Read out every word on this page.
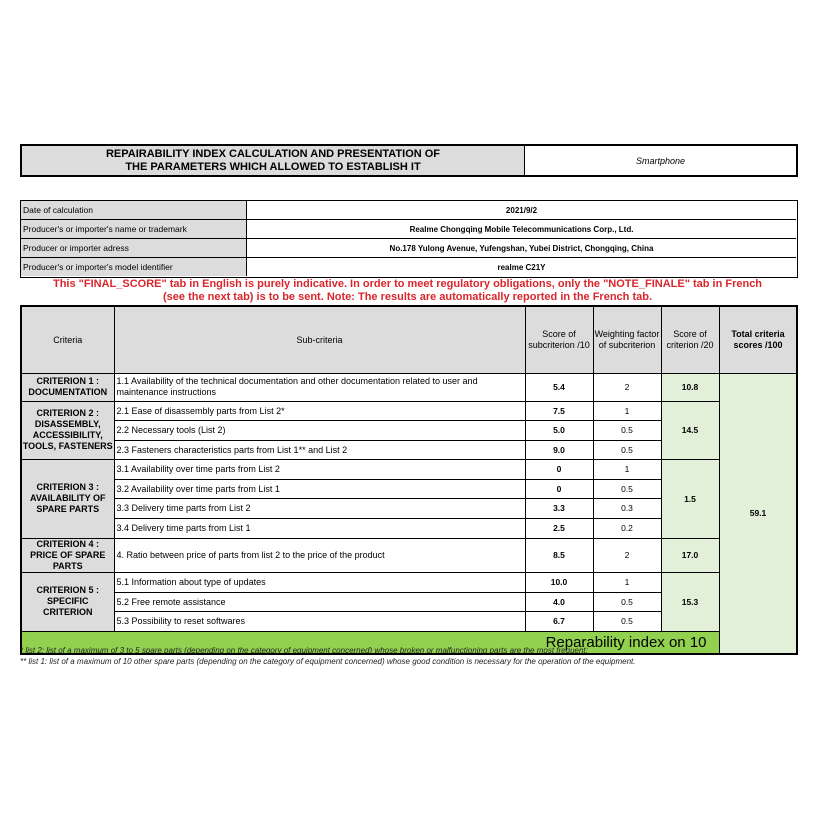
REPAIRABILITY INDEX CALCULATION AND PRESENTATION OF
THE PARAMETERS WHICH ALLOWED TO ESTABLISH IT	Smartphone
Date of calculation	2021/9/2
Producer's or importer's name or trademark	Realme Chongqing Mobile Telecommunications Corp., Ltd.
Producer or importer adress	No.178 Yulong Avenue, Yufengshan, Yubei District, Chongqing, China
Producer's or importer's model identifier	realme C21Y
This "FINAL_SCORE" tab in English is purely indicative. In order to meet regulatory obligations, only the "NOTE_FINALE" tab in French
(see the next tab) is to be sent. Note: The results are automatically reported in the French tab.
Criteria	Sub-criteria	Score of subcriterion /10	Weighting factor of subcriterion	Score of criterion /20	Total criteria scores /100	
CRITERION 1 : DOCUMENTATION	1.1 Availability of the technical documentation and other documentation related to user and maintenance instructions	5.4	2	10.8	59.1	
CRITERION 2 : DISASSEMBLY, ACCESSIBILITY, TOOLS, FASTENERS	2.1 Ease of disassembly parts from List 2*	7.5	1	14.5		
	2.2 Necessary tools (List 2)	5.0	0.5			
	2.3 Fasteners characteristics parts from List 1** and List 2	9.0	0.5			
CRITERION 3 : AVAILABILITY OF SPARE PARTS	3.1 Availability over time parts from List 2	0	1	1.5		
	3.2 Availability over time parts from List 1	0	0.5			
	3.3 Delivery time parts from List 2	3.3	0.3			
	3.4 Delivery time parts from List 1	2.5	0.2			
CRITERION 4 : PRICE OF SPARE PARTS	4. Ratio between price of parts from list 2 to the price of the product	8.5	2	17.0		
CRITERION 5 : SPECIFIC CRITERION	5.1 Information about type of updates	10.0	1	15.3		
	5.2 Free remote assistance	4.0	0.5			
	5.3 Possibility to reset softwares	6.7	0.5			
Reparability index on 10	
* list 2: list of a maximum of 3 to 5 spare parts (depending on the category of equipment concerned) whose broken or malfunctioning parts are the most frequent;
** list 1: list of a maximum of 10 other spare parts (depending on the category of equipment concerned) whose good condition is necessary for the operation of the equipment.
